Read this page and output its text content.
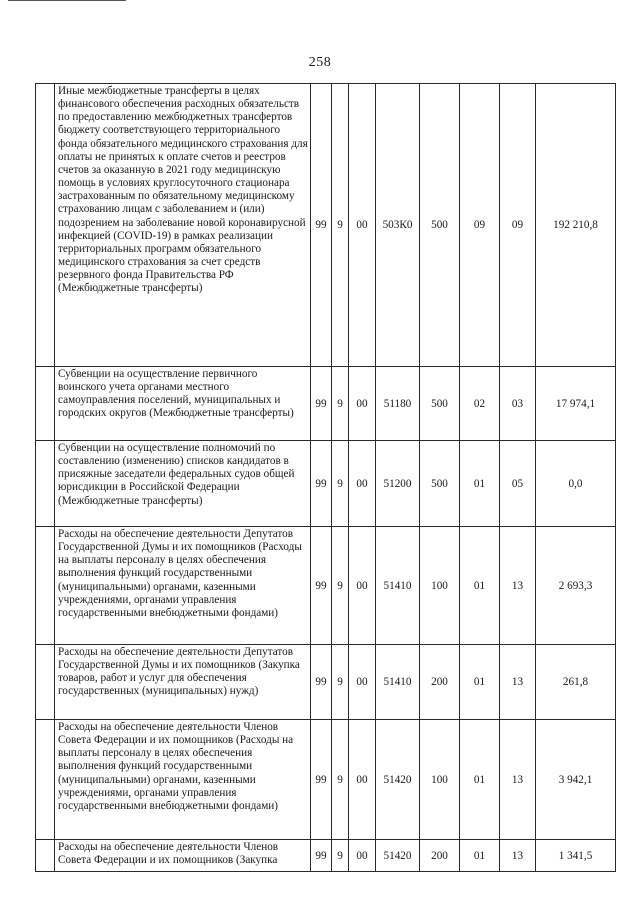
258
	Иные межбюджетные трансферты в целях финансового обеспечения расходных обязательств по предоставлению межбюджетных трансфертов бюджету соответствующего территориального фонда обязательного медицинского страхования для оплаты не принятых к оплате счетов и реестров счетов за оказанную в 2021 году медицинскую помощь в условиях круглосуточного стационара застрахованным по обязательному медицинскому страхованию лицам с заболеванием и (или) подозрением на заболевание новой коронавирусной инфекцией (COVID-19) в рамках реализации территориальных программ обязательного медицинского страхования за счет средств резервного фонда Правительства РФ (Межбюджетные трансферты)	99	9	00	503К0	500	09	09	192 210,8
	Субвенции на осуществление первичного воинского учета органами местного самоуправления поселений, муниципальных и городских округов (Межбюджетные трансферты)	99	9	00	51180	500	02	03	17 974,1
	Субвенции на осуществление полномочий по составлению (изменению) списков кандидатов в присяжные заседатели федеральных судов общей юрисдикции в Российской Федерации (Межбюджетные трансферты)	99	9	00	51200	500	01	05	0,0
	Расходы на обеспечение деятельности Депутатов Государственной Думы и их помощников (Расходы на выплаты персоналу в целях обеспечения выполнения функций государственными (муниципальными) органами, казенными учреждениями, органами управления государственными внебюджетными фондами)	99	9	00	51410	100	01	13	2 693,3
	Расходы на обеспечение деятельности Депутатов Государственной Думы и их помощников (Закупка товаров, работ и услуг для обеспечения государственных (муниципальных) нужд)	99	9	00	51410	200	01	13	261,8
	Расходы на обеспечение деятельности Членов Совета Федерации и их помощников (Расходы на выплаты персоналу в целях обеспечения выполнения функций государственными (муниципальными) органами, казенными учреждениями, органами управления государственными внебюджетными фондами)	99	9	00	51420	100	01	13	3 942,1
	Расходы на обеспечение деятельности Членов Совета Федерации и их помощников (Закупка	99	9	00	51420	200	01	13	1 341,5
